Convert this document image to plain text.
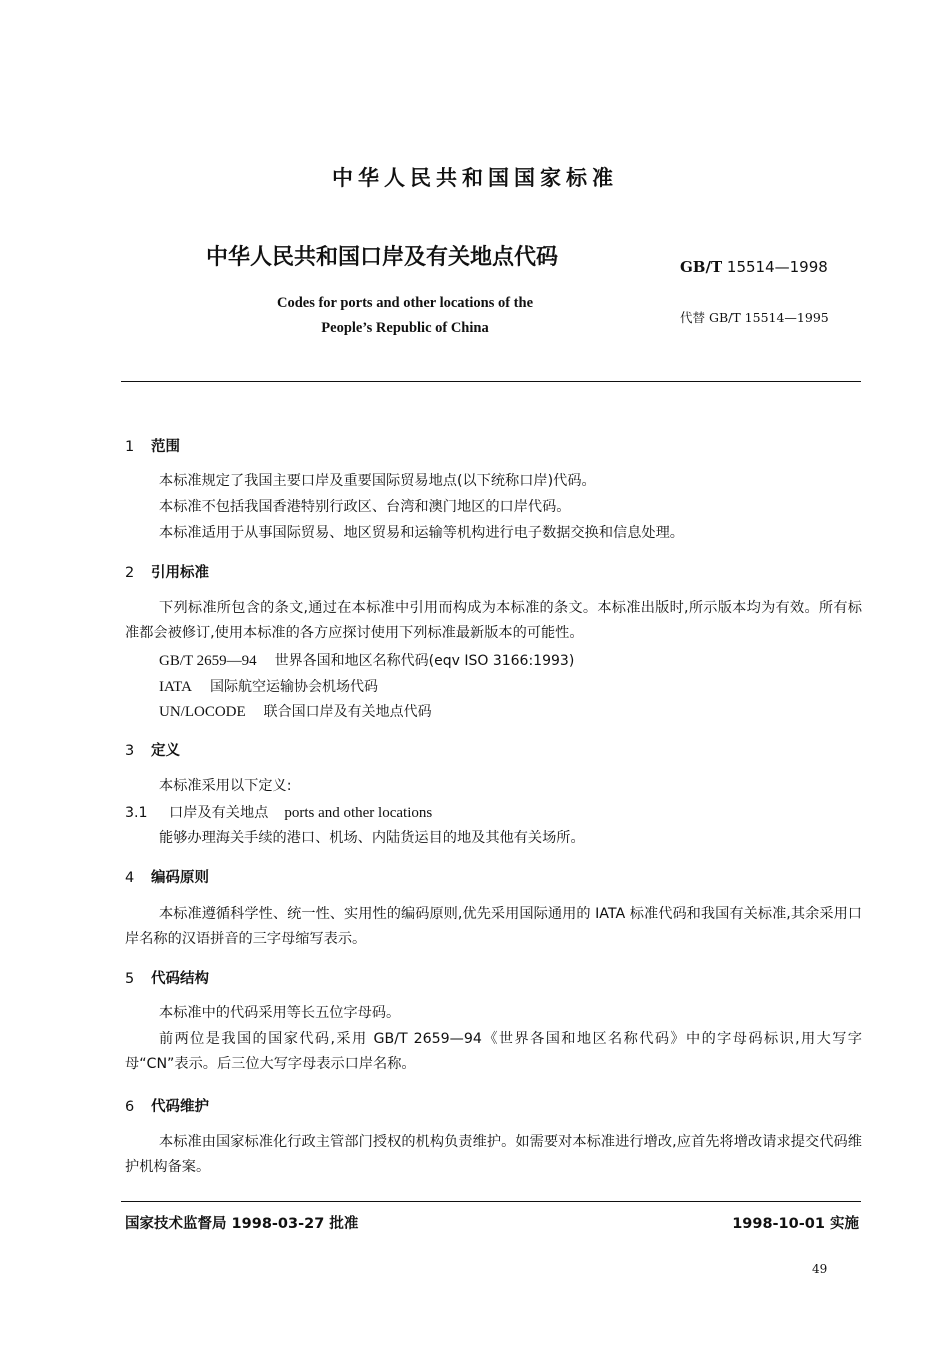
中华人民共和国国家标准
中华人民共和国口岸及有关地点代码	GB/T 15514—1998
Codes for ports and other locations of the
People’s Republic of China
代替 GB/T 15514—1995
1 范围
本标准规定了我国主要口岸及重要国际贸易地点(以下统称口岸)代码。
本标准不包括我国香港特别行政区、台湾和澳门地区的口岸代码。
本标准适用于从事国际贸易、地区贸易和运输等机构进行电子数据交换和信息处理。
2 引用标准
下列标准所包含的条文,通过在本标准中引用而构成为本标准的条文。本标准出版时,所示版本均为有效。所有标准都会被修订,使用本标准的各方应探讨使用下列标准最新版本的可能性。
GB/T 2659—94 世界各国和地区名称代码(eqv ISO 3166:1993)
IATA 国际航空运输协会机场代码
UN/LOCODE 联合国口岸及有关地点代码
3 定义
本标准采用以下定义:
3.1 口岸及有关地点 ports and other locations
能够办理海关手续的港口、机场、内陆货运目的地及其他有关场所。
4 编码原则
本标准遵循科学性、统一性、实用性的编码原则,优先采用国际通用的 IATA 标准代码和我国有关标准,其余采用口岸名称的汉语拼音的三字母缩写表示。
5 代码结构
本标准中的代码采用等长五位字母码。
前两位是我国的国家代码,采用 GB/T 2659—94《世界各国和地区名称代码》中的字母码标识,用大写字母“CN”表示。后三位大写字母表示口岸名称。
6 代码维护
本标准由国家标准化行政主管部门授权的机构负责维护。如需要对本标准进行增改,应首先将增改请求提交代码维护机构备案。
国家技术监督局 1998-03-27 批准	1998-10-01 实施
49
